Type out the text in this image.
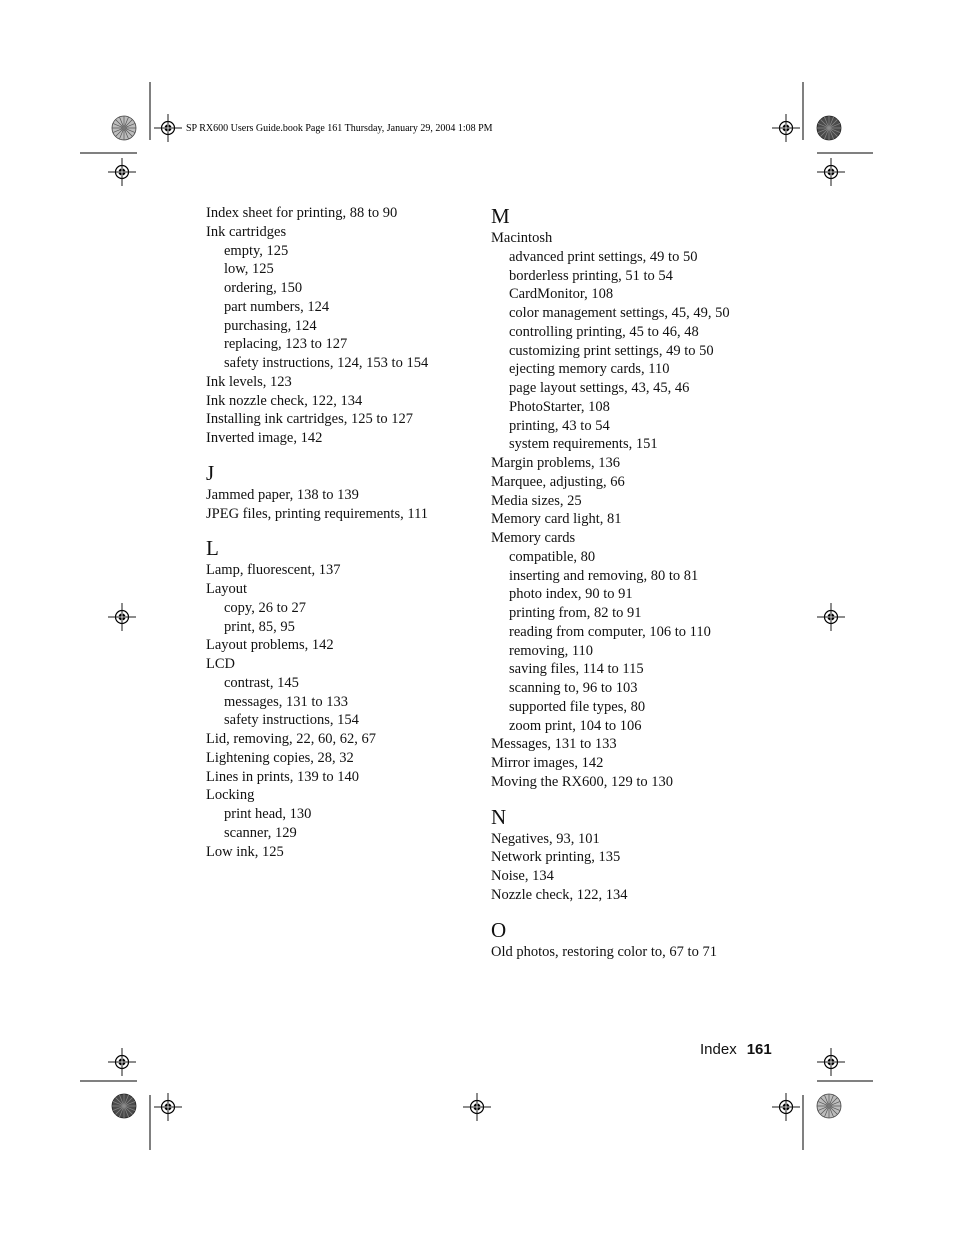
SP RX600 Users Guide.book Page 161 Thursday, January 29, 2004 1:08 PM
Index sheet for printing, 88 to 90
Ink cartridges
empty, 125
low, 125
ordering, 150
part numbers, 124
purchasing, 124
replacing, 123 to 127
safety instructions, 124, 153 to 154
Ink levels, 123
Ink nozzle check, 122, 134
Installing ink cartridges, 125 to 127
Inverted image, 142
J
Jammed paper, 138 to 139
JPEG files, printing requirements, 111
L
Lamp, fluorescent, 137
Layout
copy, 26 to 27
print, 85, 95
Layout problems, 142
LCD
contrast, 145
messages, 131 to 133
safety instructions, 154
Lid, removing, 22, 60, 62, 67
Lightening copies, 28, 32
Lines in prints, 139 to 140
Locking
print head, 130
scanner, 129
Low ink, 125
M
Macintosh
advanced print settings, 49 to 50
borderless printing, 51 to 54
CardMonitor, 108
color management settings, 45, 49, 50
controlling printing, 45 to 46, 48
customizing print settings, 49 to 50
ejecting memory cards, 110
page layout settings, 43, 45, 46
PhotoStarter, 108
printing, 43 to 54
system requirements, 151
Margin problems, 136
Marquee, adjusting, 66
Media sizes, 25
Memory card light, 81
Memory cards
compatible, 80
inserting and removing, 80 to 81
photo index, 90 to 91
printing from, 82 to 91
reading from computer, 106 to 110
removing, 110
saving files, 114 to 115
scanning to, 96 to 103
supported file types, 80
zoom print, 104 to 106
Messages, 131 to 133
Mirror images, 142
Moving the RX600, 129 to 130
N
Negatives, 93, 101
Network printing, 135
Noise, 134
Nozzle check, 122, 134
O
Old photos, restoring color to, 67 to 71
Index 161
